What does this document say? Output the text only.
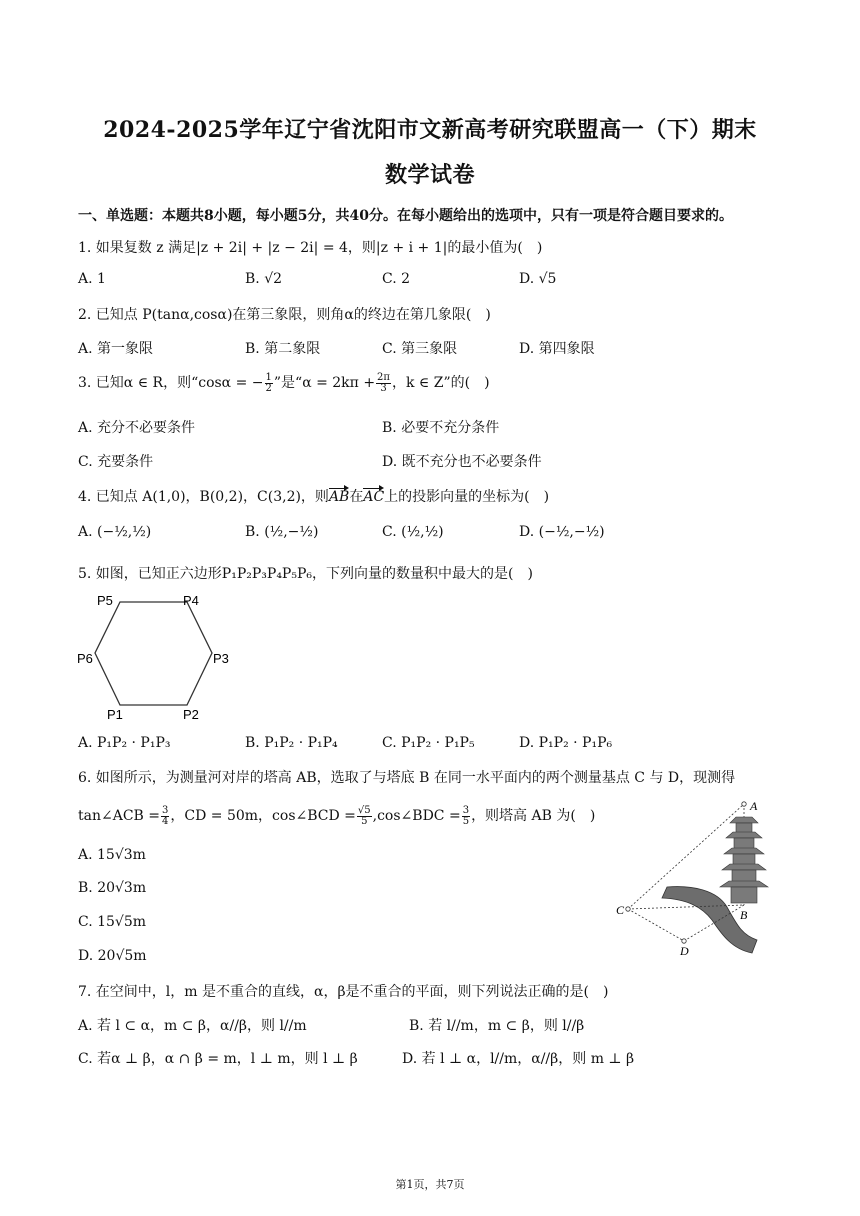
2024-2025学年辽宁省沈阳市文新高考研究联盟高一（下）期末
数学试卷
一、单选题：本题共8小题，每小题5分，共40分。在每小题给出的选项中，只有一项是符合题目要求的。
1. 如果复数 z 满足|z + 2i| + |z − 2i| = 4，则|z + i + 1|的最小值为(　)
A. 1	B. √2	C. 2	D. √5
2. 已知点 P(tanα,cosα)在第三象限，则角α的终边在第几象限(　)
A. 第一象限	B. 第二象限	C. 第三象限	D. 第四象限
3. 已知α ∈ R，则“cosα = − $\frac{1}{2}$ ”是“$\alpha = 2k\pi + \frac{2\pi}{3}$ ，k ∈ Z”的(　)
A. 充分不必要条件	B. 必要不充分条件
C. 充要条件	D. 既不充分也不必要条件
4. 已知点 A(1,0)，B(0,2)，C(3,2)，则AB在AC上的投影向量的坐标为(　)
A. (−½,½)	B. (½,−½)	C. (½,½)	D. (−½,−½)
5. 如图，已知正六边形P₁P₂P₃P₄P₅P₆，下列向量的数量积中最大的是(　)
P1	P2
P3
P4
P5
P6
A. P₁P₂ · P₁P₃	B. P₁P₂ · P₁P₄	C. P₁P₂ · P₁P₅	D. P₁P₂ · P₁P₆
6. 如图所示，为测量河对岸的塔高 AB，选取了与塔底 B 在同一水平面内的两个测量基点 C 与 D，现测得
tan∠ACB = $\frac{3}{4}$ ，CD = 50m，cos∠BCD = $\frac{√5}{5}$ ,cos∠BDC = $\frac{3}{5}$ ，则塔高 AB 为(　)
A. 15√3m
B. 20√3m
C. 15√5m
D. 20√5m
A
B
C
D
7. 在空间中，l，m 是不重合的直线，α，β是不重合的平面，则下列说法正确的是(　)
A. 若 l ⊂ α，m ⊂ β，α//β，则 l//m	B. 若 l//m，m ⊂ β，则 l//β
C. 若α ⊥ β，α ∩ β = m，l ⊥ m，则 l ⊥ β	D. 若 l ⊥ α，l//m，α//β，则 m ⊥ β
第1页，共7页
